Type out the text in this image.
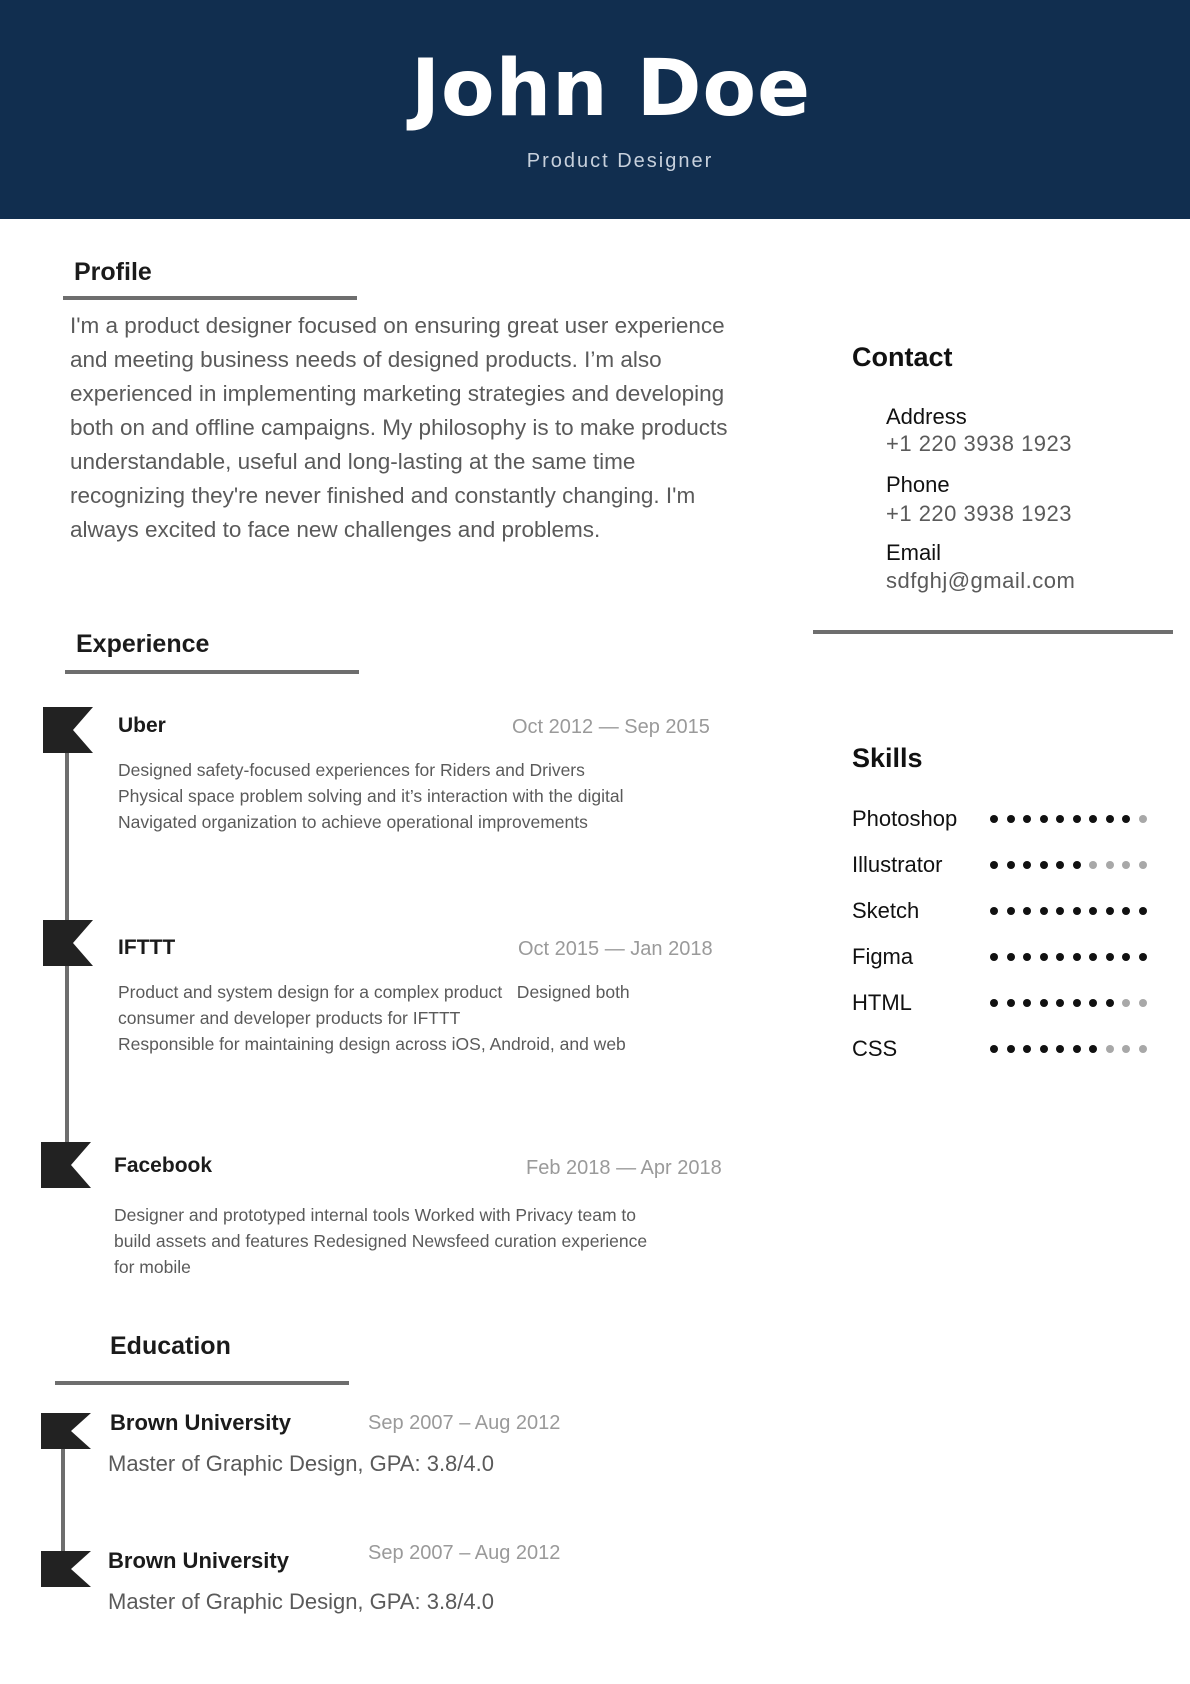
John Doe
Product Designer
Profile
I'm a product designer focused on ensuring great user experience
and meeting business needs of designed products. I’m also
experienced in implementing marketing strategies and developing
both on and offline campaigns. My philosophy is to make products
understandable, useful and long-lasting at the same time
recognizing they're never finished and constantly changing. I'm
always excited to face new challenges and problems.
Contact
Address
+1 220 3938 1923
Phone
+1 220 3938 1923
Email
sdfghj@gmail.com
Skills
Photoshop
Illustrator
Sketch
Figma
HTML
CSS
Experience
Uber	Oct 2012 — Sep 2015
Designed safety-focused experiences for Riders and Drivers
Physical space problem solving and it’s interaction with the digital
Navigated organization to achieve operational improvements
IFTTT	Oct 2015 — Jan 2018
Product and system design for a complex product   Designed both
consumer and developer products for IFTTT
Responsible for maintaining design across iOS, Android, and web
Facebook	Feb 2018 — Apr 2018
Designer and prototyped internal tools Worked with Privacy team to
build assets and features Redesigned Newsfeed curation experience
for mobile
Education
Brown University	Sep 2007 – Aug 2012
Master of Graphic Design, GPA: 3.8/4.0
Brown University	Sep 2007 – Aug 2012
Master of Graphic Design, GPA: 3.8/4.0
